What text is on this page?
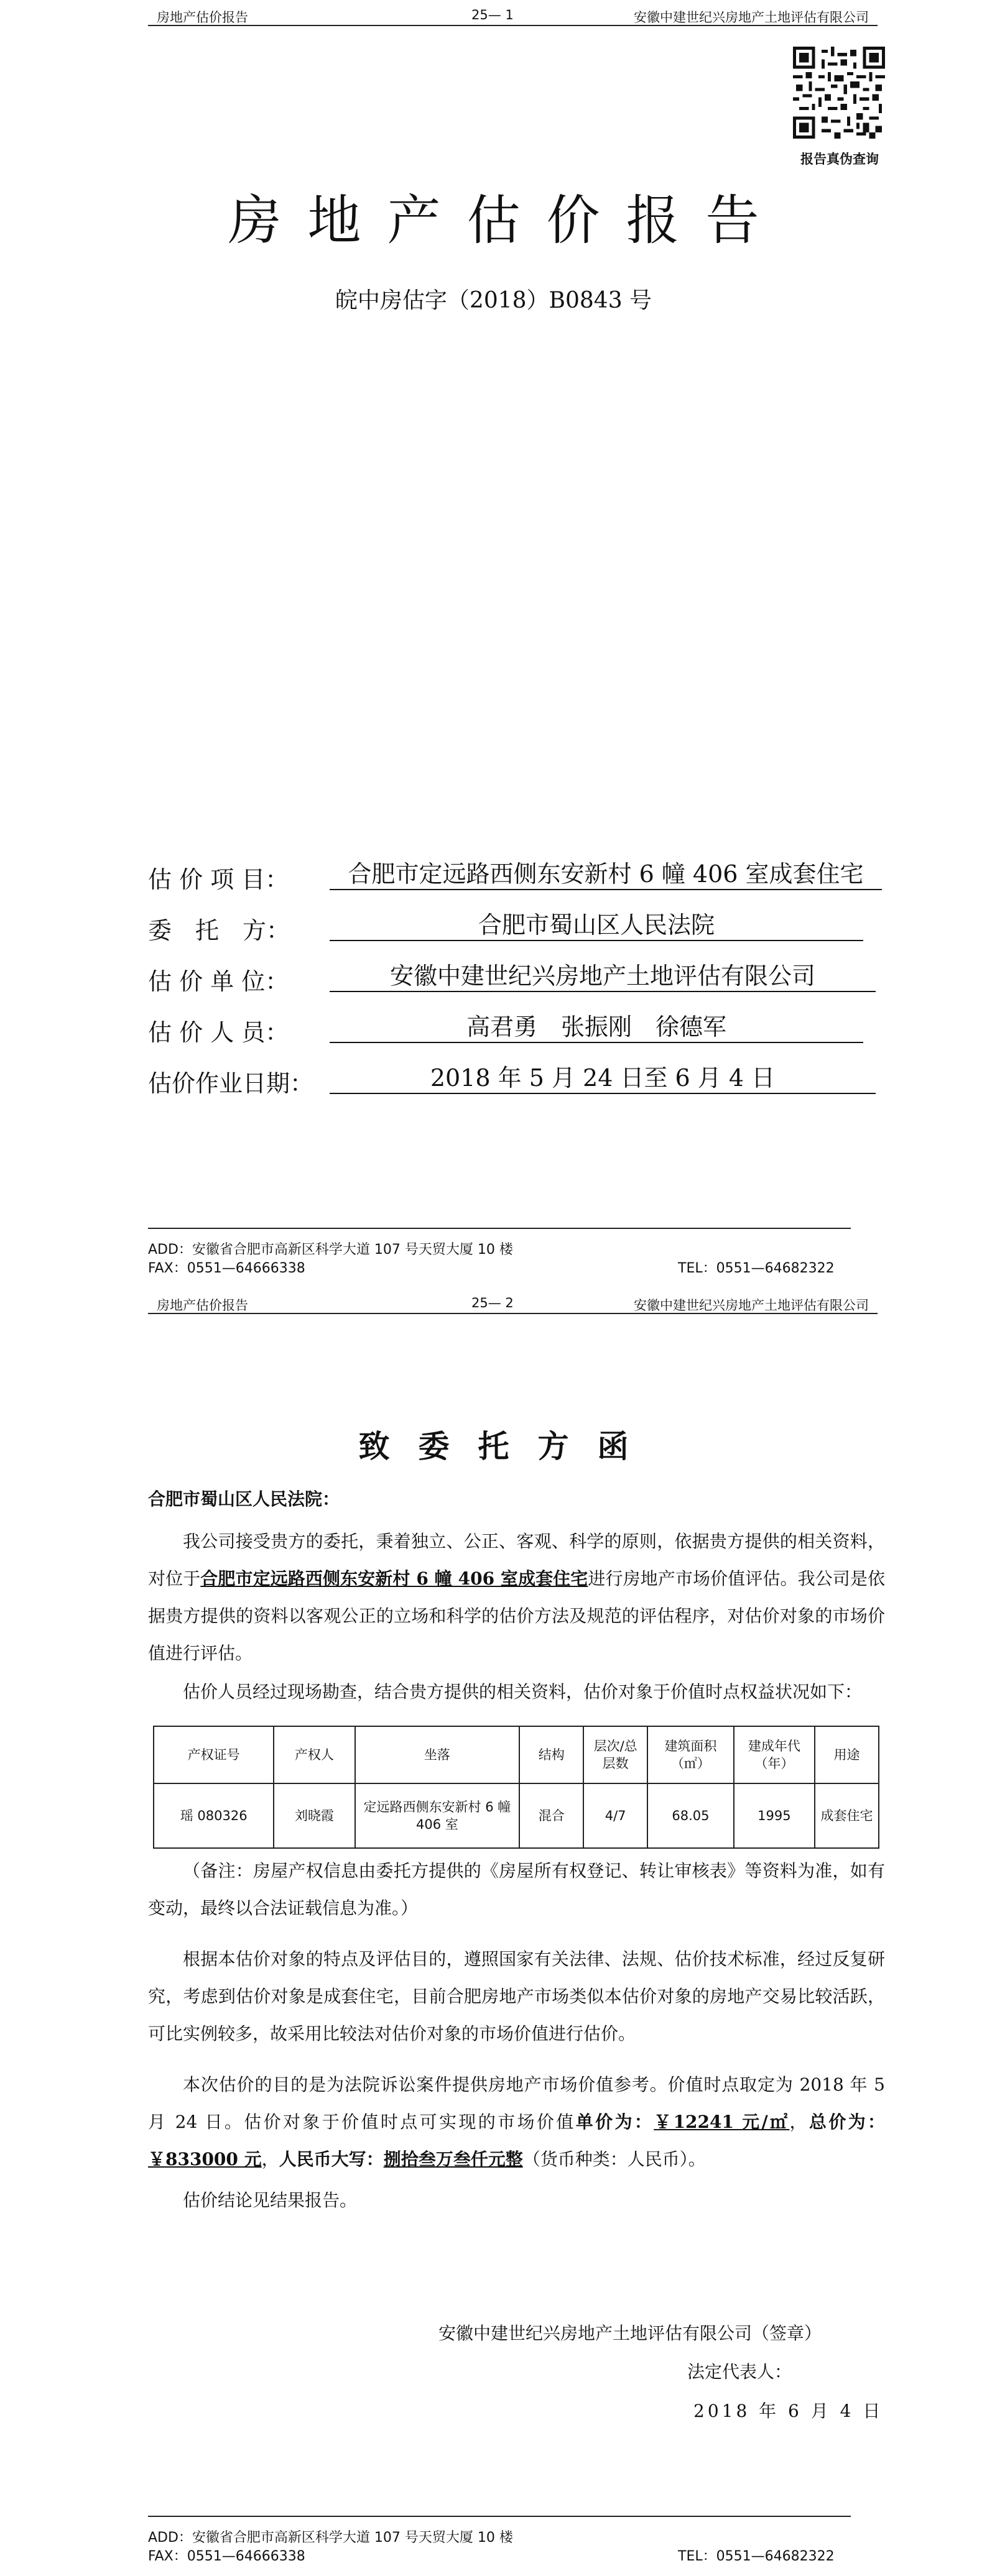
房地产估价报告	25— 1	安徽中建世纪兴房地产土地评估有限公司
报告真伪查询
房地产估价报告
皖中房估字（2018）B0843 号
估 价 项 目：	合肥市定远路西侧东安新村 6 幢 406 室成套住宅
委　托　方：	合肥市蜀山区人民法院
估 价 单 位：	安徽中建世纪兴房地产土地评估有限公司
估 价 人 员：	高君勇　张振刚　徐德军
估价作业日期：	2018 年 5 月 24 日至 6 月 4 日
ADD：安徽省合肥市高新区科学大道 107 号天贸大厦 10 楼
FAX：0551—64666338	TEL：0551—64682322
房地产估价报告	25— 2	安徽中建世纪兴房地产土地评估有限公司
致委托方函
合肥市蜀山区人民法院：
我公司接受贵方的委托，秉着独立、公正、客观、科学的原则，依据贵方提供的相关资料，对位于合肥市定远路西侧东安新村 6 幢 406 室成套住宅进行房地产市场价值评估。我公司是依据贵方提供的资料以客观公正的立场和科学的估价方法及规范的评估程序，对估价对象的市场价值进行评估。
估价人员经过现场勘查，结合贵方提供的相关资料，估价对象于价值时点权益状况如下：
产权证号	产权人	坐落	结构	层次/总层数	建筑面积（㎡）	建成年代（年）	用途
瑶 080326	刘晓霞	定远路西侧东安新村 6 幢 406 室	混合	4/7	68.05	1995	成套住宅
（备注：房屋产权信息由委托方提供的《房屋所有权登记、转让审核表》等资料为准，如有变动，最终以合法证载信息为准。）
根据本估价对象的特点及评估目的，遵照国家有关法律、法规、估价技术标准，经过反复研究，考虑到估价对象是成套住宅，目前合肥房地产市场类似本估价对象的房地产交易比较活跃，可比实例较多，故采用比较法对估价对象的市场价值进行估价。
本次估价的目的是为法院诉讼案件提供房地产市场价值参考。价值时点取定为 2018 年 5 月 24 日。估价对象于价值时点可实现的市场价值单价为：￥12241 元/㎡，总价为：￥833000 元，人民币大写：捌拾叁万叁仟元整（货币种类：人民币）。
估价结论见结果报告。
安徽中建世纪兴房地产土地评估有限公司（签章）
法定代表人：
2018 年 6 月 4 日
ADD：安徽省合肥市高新区科学大道 107 号天贸大厦 10 楼
FAX：0551—64666338	TEL：0551—64682322
